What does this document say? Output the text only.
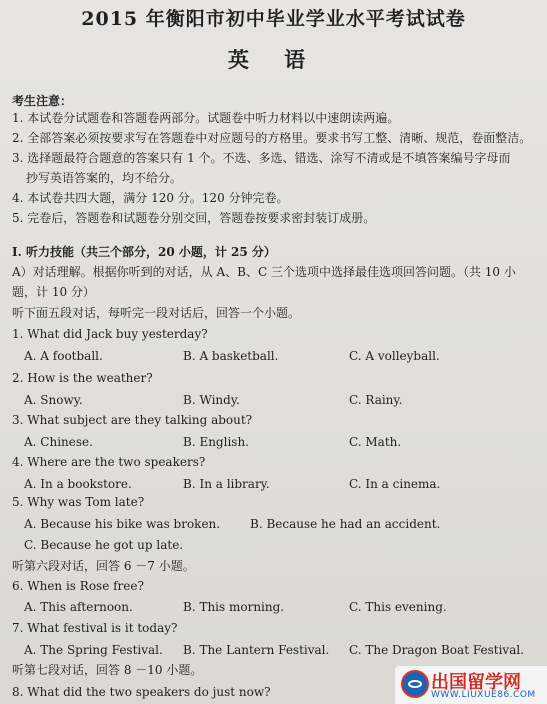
2015 年衡阳市初中毕业学业水平考试试卷
英 语
考生注意：
1. 本试卷分试题卷和答题卷两部分。试题卷中听力材料以中速朗读两遍。
2. 全部答案必须按要求写在答题卷中对应题号的方格里。要求书写工整、清晰、规范，卷面整洁。
3. 选择题最符合题意的答案只有 1 个。不选、多选、错选、涂写不清或是不填答案编号字母而
抄写英语答案的，均不给分。
4. 本试卷共四大题，满分 120 分。120 分钟完卷。
5. 完卷后，答题卷和试题卷分别交回，答题卷按要求密封装订成册。
Ⅰ. 听力技能（共三个部分，20 小题，计 25 分）
A）对话理解。根据你听到的对话，从 A、B、C 三个选项中选择最佳选项回答问题。（共 10 小
题，计 10 分）
听下面五段对话，每听完一段对话后，回答一个小题。
1. What did Jack buy yesterday?
A. A football.	B. A basketball.	C. A volleyball.
2. How is the weather?
A. Snowy.	B. Windy.	C. Rainy.
3. What subject are they talking about?
A. Chinese.	B. English.	C. Math.
4. Where are the two speakers?
A. In a bookstore.	B. In a library.	C. In a cinema.
5. Why was Tom late?
A. Because his bike was broken. B. Because he had an accident.
C. Because he got up late.
听第六段对话，回答 6 －7 小题。
6. When is Rose free?
A. This afternoon.	B. This morning.	C. This evening.
7. What festival is it today?
A. The Spring Festival. B. The Lantern Festival. C. The Dragon Boat Festival.
听第七段对话，回答 8 －10 小题。
8. What did the two speakers do just now?	出国留学网
WWW.LIUXUE86.COM
